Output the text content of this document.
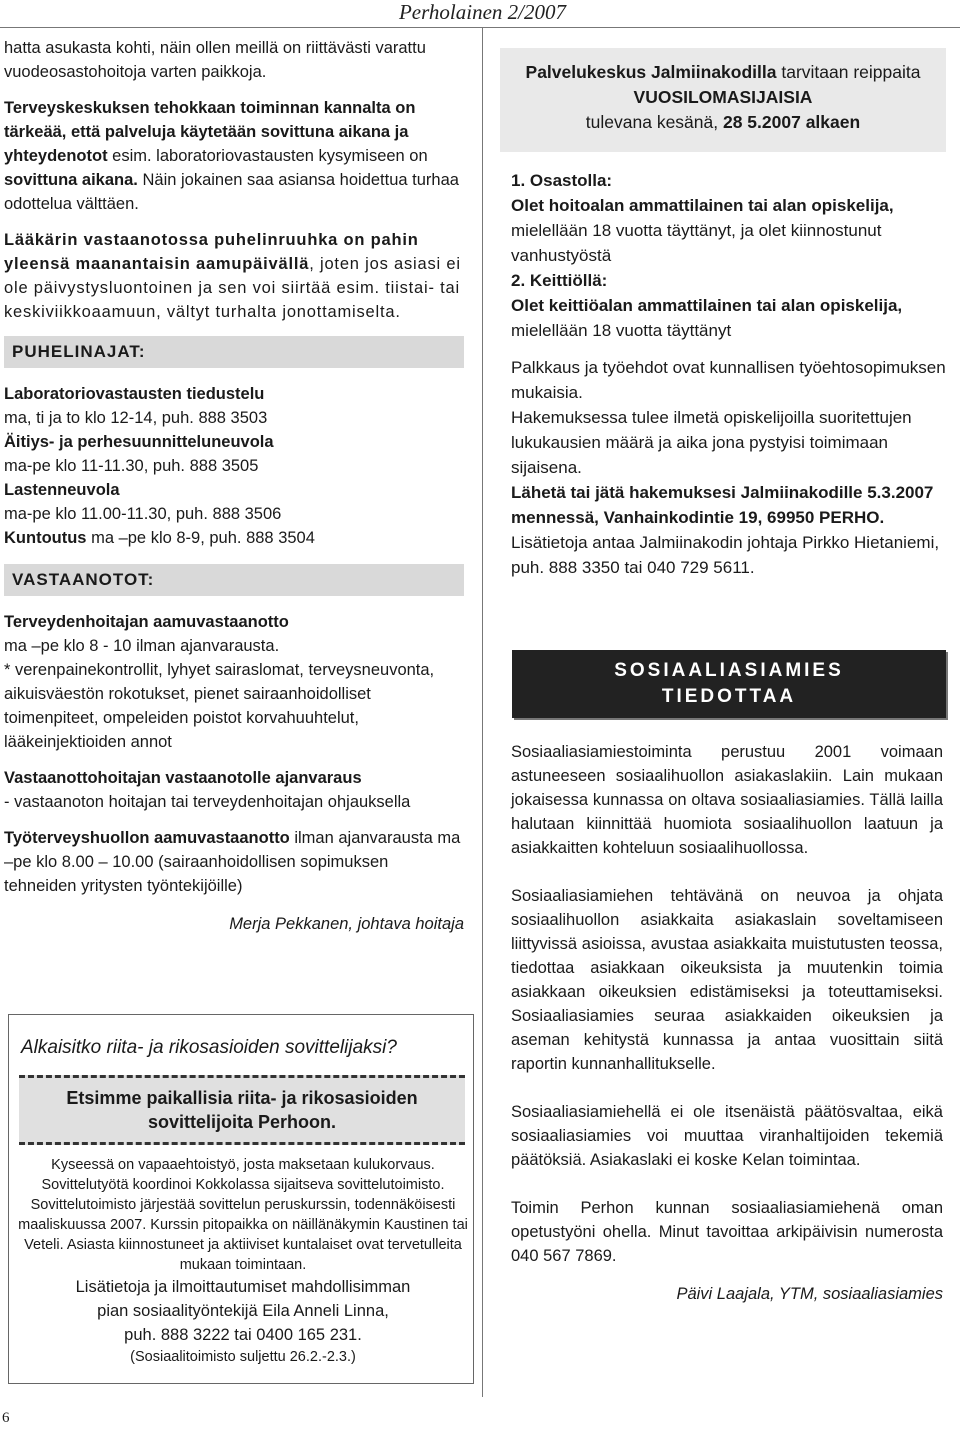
Perholainen 2/2007

hatta asukasta kohti, näin ollen meillä on riittävästi varattu vuodeosastohoitoja varten paikkoja.

Terveyskeskuksen tehokkaan toiminnan kannalta on tärkeää, että palveluja käytetään sovittuna aikana ja yhteydenotot esim. laboratoriovastausten kysymiseen on sovittuna aikana. Näin jokainen saa asiansa hoidettua turhaa odottelua välttäen.

Lääkärin vastaanotossa puhelinruuhka on pahin yleensä maanantaisin aamupäivällä, joten jos asiasi ei ole päivystysluontoinen ja sen voi siirtää esim. tiistai- tai keskiviikkoaamuun, vältyt turhalta jonottamiselta.

PUHELINAJAT:
Laboratoriovastausten tiedustelu
ma, ti ja to klo 12-14, puh. 888 3503
Äitiys- ja perhesuunnitteluneuvola
ma-pe klo 11-11.30, puh. 888 3505
Lastenneuvola
ma-pe klo 11.00-11.30, puh. 888 3506
Kuntoutus ma –pe klo 8-9, puh. 888 3504
VASTAANOTOT:

Terveydenhoitajan aamuvastaanotto
ma –pe klo 8 - 10 ilman ajanvarausta.
* verenpainekontrollit, lyhyet sairaslomat, terveysneuvonta, aikuisväestön rokotukset, pienet sairaanhoidolliset toimenpiteet, ompeleiden poistot korvahuuhtelut, lääkeinjektioiden annot

Vastaanottohoitajan vastaanotolle ajanvaraus
- vastaanoton hoitajan tai terveydenhoitajan ohjauksella

Työterveyshuollon aamuvastaanotto ilman ajanvarausta ma –pe klo 8.00 – 10.00 (sairaanhoidollisen sopimuksen tehneiden yritysten työntekijöille)

Merja Pekkanen, johtava hoitaja
Alkaisitko riita- ja rikosasioiden sovittelijaksi?
Etsimme paikallisia riita- ja rikosasioiden
sovittelijoita Perhoon.

Kyseessä on vapaaehtoistyö, josta maksetaan kulukorvaus. Sovittelutyötä koordinoi Kokkolassa sijaitseva sovittelutoimisto. Sovittelutoimisto järjestää sovittelun peruskurssin, todennäköisesti maaliskuussa 2007. Kurssin pitopaikka on näillänäkymin Kaustinen tai Veteli. Asiasta kiinnostuneet ja aktiiviset kuntalaiset ovat tervetulleita mukaan toimintaan.

Lisätietoja ja ilmoittautumiset mahdollisimman

pian sosiaalityöntekijä Eila Anneli Linna,

puh. 888 3222 tai 0400 165 231.

(Sosiaalitoimisto suljettu 26.2.-2.3.)

Palvelukeskus Jalmiinakodilla tarvitaan reippaita VUOSILOMASIJAISIA
tulevana kesänä, 28 5.2007 alkaen

1. Osastolla:

Olet hoitoalan ammattilainen tai alan opiskelija, mielellään 18 vuotta täyttänyt, ja olet kiinnostunut vanhustyöstä

2. Keittiöllä:

Olet keittiöalan ammattilainen tai alan opiskelija, mielellään 18 vuotta täyttänyt

Palkkaus ja työehdot ovat kunnallisen työehtosopimuksen mukaisia.

Hakemuksessa tulee ilmetä opiskelijoilla suoritettujen lukukausien määrä ja aika jona pystyisi toimimaan sijaisena.

Lähetä tai jätä hakemuksesi Jalmiinakodille 5.3.2007 mennessä, Vanhainkodintie 19, 69950 PERHO.

Lisätietoja antaa Jalmiinakodin johtaja Pirkko Hietaniemi, puh. 888 3350 tai 040 729 5611.

SOSIAALIASIAMIES
TIEDOTTAA

Sosiaaliasiamiestoiminta perustuu 2001 voimaan astuneeseen sosiaalihuollon asiakaslakiin. Lain mukaan jokaisessa kunnassa on oltava sosiaaliasiamies. Tällä lailla halutaan kiinnittää huomiota sosiaalihuollon laatuun ja asiakkaitten kohteluun sosiaalihuollossa.

Sosiaaliasiamiehen tehtävänä on neuvoa ja ohjata sosiaalihuollon asiakkaita asiakaslain soveltamiseen liittyvissä asioissa, avustaa asiakkaita muistutusten teossa, tiedottaa asiakkaan oikeuksista ja muutenkin toimia asiakkaan oikeuksien edistämiseksi ja toteuttamiseksi. Sosiaaliasiamies seuraa asiakkaiden oikeuksien ja aseman kehitystä kunnassa ja antaa vuosittain siitä raportin kunnanhallitukselle.

Sosiaaliasiamiehellä ei ole itsenäistä päätösvaltaa, eikä sosiaaliasiamies voi muuttaa viranhaltijoiden tekemiä päätöksiä. Asiakaslaki ei koske Kelan toimintaa.

Toimin Perhon kunnan sosiaaliasiamiehenä oman opetustyöni ohella. Minut tavoittaa arkipäivisin numerosta 040 567 7869.

Päivi Laajala, YTM, sosiaaliasiamies
6
